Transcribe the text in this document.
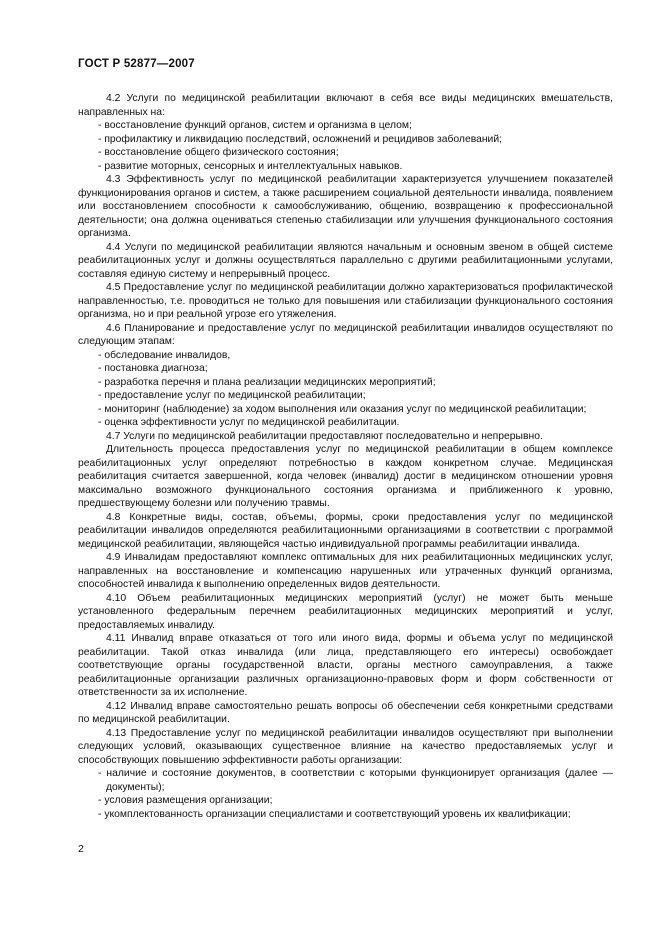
ГОСТ Р 52877—2007
4.2 Услуги по медицинской реабилитации включают в себя все виды медицинских вмешательств, направленных на:
- восстановление функций органов, систем и организма в целом;
- профилактику и ликвидацию последствий, осложнений и рецидивов заболеваний;
- восстановление общего физического состояния;
- развитие моторных, сенсорных и интеллектуальных навыков.
4.3 Эффективность услуг по медицинской реабилитации характеризуется улучшением показателей функционирования органов и систем, а также расширением социальной деятельности инвалида, появлением или восстановлением способности к самообслуживанию, общению, возвращению к профессиональной деятельности; она должна оцениваться степенью стабилизации или улучшения функционального состояния организма.
4.4 Услуги по медицинской реабилитации являются начальным и основным звеном в общей системе реабилитационных услуг и должны осуществляться параллельно с другими реабилитационными услугами, составляя единую систему и непрерывный процесс.
4.5 Предоставление услуг по медицинской реабилитации должно характеризоваться профилактической направленностью, т.е. проводиться не только для повышения или стабилизации функционального состояния организма, но и при реальной угрозе его утяжеления.
4.6 Планирование и предоставление услуг по медицинской реабилитации инвалидов осуществляют по следующим этапам:
- обследование инвалидов,
- постановка диагноза;
- разработка перечня и плана реализации медицинских мероприятий;
- предоставление услуг по медицинской реабилитации;
- мониторинг (наблюдение) за ходом выполнения или оказания услуг по медицинской реабилитации;
- оценка эффективности услуг по медицинской реабилитации.
4.7 Услуги по медицинской реабилитации предоставляют последовательно и непрерывно.
Длительность процесса предоставления услуг по медицинской реабилитации в общем комплексе реабилитационных услуг определяют потребностью в каждом конкретном случае. Медицинская реабилитация считается завершенной, когда человек (инвалид) достиг в медицинском отношении уровня максимально возможного функционального состояния организма и приближенного к уровню, предшествующему болезни или получению травмы.
4.8 Конкретные виды, состав, объемы, формы, сроки предоставления услуг по медицинской реабилитации инвалидов определяются реабилитационными организациями в соответствии с программой медицинской реабилитации, являющейся частью индивидуальной программы реабилитации инвалида.
4.9 Инвалидам предоставляют комплекс оптимальных для них реабилитационных медицинских услуг, направленных на восстановление и компенсацию нарушенных или утраченных функций организма, способностей инвалида к выполнению определенных видов деятельности.
4.10 Объем реабилитационных медицинских мероприятий (услуг) не может быть меньше установленного федеральным перечнем реабилитационных медицинских мероприятий и услуг, предоставляемых инвалиду.
4.11 Инвалид вправе отказаться от того или иного вида, формы и объема услуг по медицинской реабилитации. Такой отказ инвалида (или лица, представляющего его интересы) освобождает соответствующие органы государственной власти, органы местного самоуправления, а также реабилитационные организации различных организационно-правовых форм и форм собственности от ответственности за их исполнение.
4.12 Инвалид вправе самостоятельно решать вопросы об обеспечении себя конкретными средствами по медицинской реабилитации.
4.13 Предоставление услуг по медицинской реабилитации инвалидов осуществляют при выполнении следующих условий, оказывающих существенное влияние на качество предоставляемых услуг и способствующих повышению эффективности работы организации:
- наличие и состояние документов, в соответствии с которыми функционирует организация (далее — документы);
- условия размещения организации;
- укомплектованность организации специалистами и соответствующий уровень их квалификации;
2
